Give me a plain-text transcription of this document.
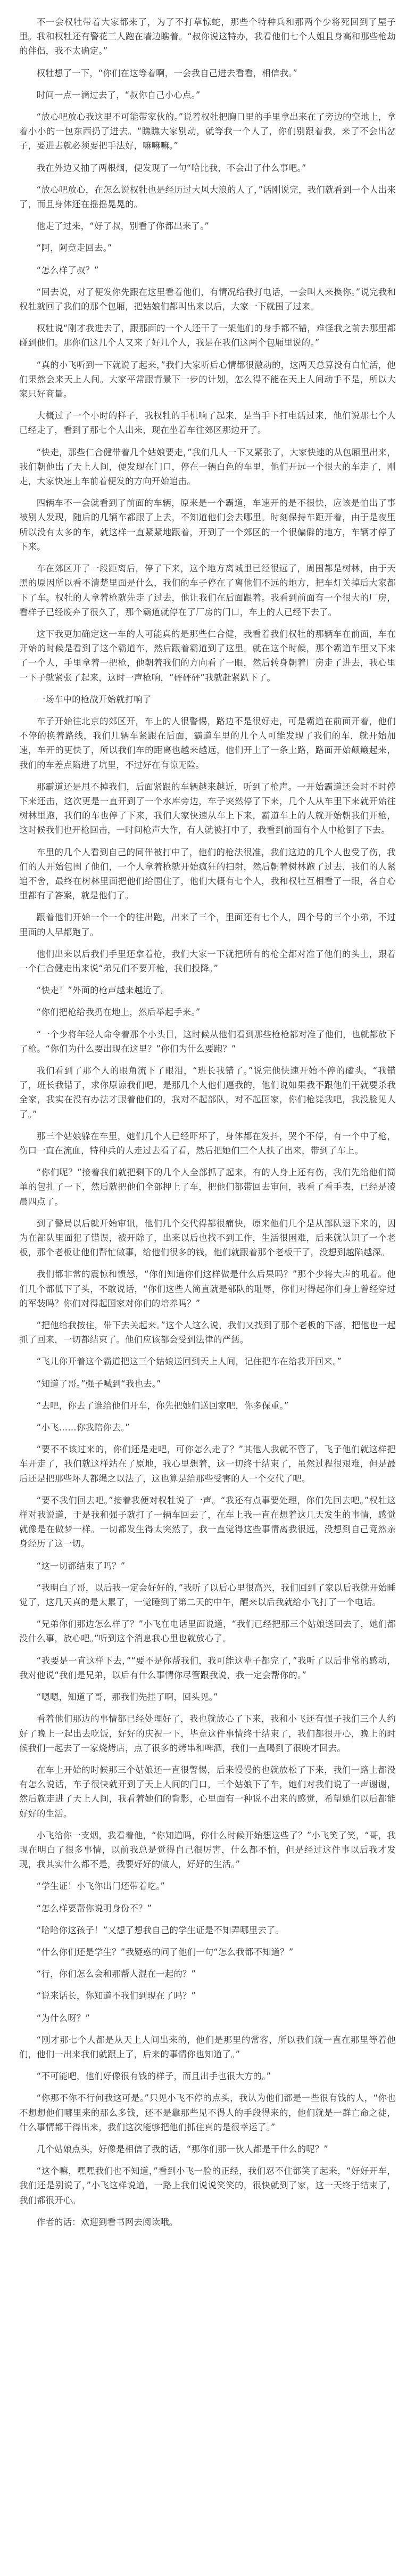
不一会权牡带着大家都来了，为了不打草惊蛇，那些个特种兵和那两个少将死回到了屋子里。我和权牡还有警花三人跑在墙边瞧着。“叔你说这特办，我看他们七个人姐且身高和那些枪劫的伴侣，我不太确定。”

权牡想了一下，“你们在这等着啊，一会我自己进去看看，相信我。”

时间一点一滴过去了，“叔你自己小心点。”

“放心吧放心我这里不可能带家伙的。”说着权牡把胸口里的手里拿出来在了旁边的空地上，拿着小小的一包东西扔了进去。“瞧瞧大家别动，就等我一个人了，你们别跟着我，来了不会出岔子，要进去就必须要把手法好，嘛嘛嘛。”

我在外边又抽了两根烟，便发现了一句“哈比我，不会出了什么事吧。”

“放心吧放心，在怎么说权牡也是经历过大风大浪的人了，”话刚说完，我们就看到一个人出来了，而且身体还在摇摇晃晃的。

他走了过来，“好了叔，别看了你都出来了。”

“阿，阿竟走回去。”

“怎么样了叔？”

“回去说，对了便发你先跟在这里看着他们，有情况给我打电话，一会叫人来换你。”说完我和权牡就回了我们的那个包厢，把姑娘们都叫出来以后，大家一下就围了过来。

权牡说“刚才我进去了，跟那面的一个人还干了一架他们的身手都不错，难怪我之前去那里都碰到他们。那你们这几个人又来了好几个人，我是在我们这两个包厢里说的。”

“真的小飞听到一下就说了起来，”我们大家听后心情都很激动的，这两天总算没有白忙活，他们果然会来天上人间。大家平常跟背景下一步的计划，怎么得不能在天上人间动手不是，所以大家只好商量。

大概过了一个小时的样子，我权牡的手机响了起来，是当手下打电话过来，他们说那七个人已经走了，看到了那七个人出来，现在坐着车往郊区那边开了。

“快走，那些仁合健带着几个姑娘要走，”我们几人一下又紧张了，大家快速的从包厢里出来，我们朝他出了天上人间，便发现在门口，停在一辆白色的车里，他们开远一个很大的车走了，刚走，大家快速上车前着便发的方向开始追击。

四辆车不一会就看到了前面的车辆，原来是一个霸道，车速开的是不很快，应该是怕出了事被别人发现，随后的几辆车都跟了上去，不知道他们会去哪里。时刻保持车距开着，由于是夜里所以没有太多的车，就这样一直紧紧地跟着，开到了一个郊区的一个很偏僻的地方，车辆才停了下来。

车在郊区开了一段距离后，停了下来，这个地方离城里已经很远了，周围都是树林，由于天黑的原因所以看不清楚里面是什么，我们的车子停在了离他们不远的地方，把车灯关掉后大家都下了车。权牡的人拿着枪就先走了过去，他让我们在后面跟着。我看到前面有一个很大的厂房，看样子已经废弃了很久了，那个霸道就停在了厂房的门口，车上的人已经下去了。

这下我更加确定这一车的人可能真的是那些仁合健，我看着我们权牡的那辆车在前面，车在开始的时候是看到了这个霸道车，然后跟着霸道到了这里。就在这个时候，那个霸道车里又下来了一个人，手里拿着一把枪，他朝着我们的方向看了一眼，然后转身朝着厂房走了进去，我心里一下子就紧张了起来，这时一声枪响，“砰砰砰”我就赶紧趴下了。

一场车中的枪战开始就打响了

车子开始往北京的郊区开，车上的人很警惕，路边不是很好走，可是霸道在前面开着，他们不停的换着路线，我们几辆车紧跟在后面，霸道车里的几个人可能发现了我们的车，就开始加速，车开的更快了，所以我们车的距离也越来越远，他们开上了一条土路，路面开始颠簸起来，我们的车差点陷进了坑里，不过好在有惊无险。

那霸道还是甩不掉我们，后面紧跟的车辆越来越近，听到了枪声。一开始霸道还会时不时停下来还击，这次更是一直开到了一个水库旁边，车子突然停了下来，几个人从车里下来就开始往树林里跑，我们的车也停了下来，我们大家快速从车上下来，霸道车上的人就开始朝我们开枪，这时候我们也开枪回击，一时间枪声大作，有人就被打中了，我看到前面有个人中枪倒了下去。

车里的几个人看到自己的同伴被打中了，他们的枪法很准，我们这边的几个人也受了伤，我们的人开始包围了他们，一个人拿着枪就开始疯狂的扫射，然后朝着树林跑了过去，我们的人紧追不舍，最终在树林里面把他们给围住了，他们大概有七个人，我和权牡互相看了一眼，各自心里都有了答案，就是他们了。

跟着他们开始一个一个的往出跑，出来了三个，里面还有七个人，四个号的三个小弟，不过里面的人早都跑了。

他们出来以后我们手里还拿着枪，我们大家一下就把所有的枪全都对准了他们的头上，跟着一个仁合健走出来说“弟兄们不要开枪，我们投降。”

“快走！”外面的枪声越来越近了。

“你们把枪给我扔在地上，然后举起手来。”

“一个少将年轻人命令着那个小头目，这时候从他们看到那些枪枪都对准了他们，也就都放下了枪。“你们为什么要出现在这里？”你们为什么要跑？”

我们看到了那个人的眼角流下了眼泪，“班长我错了。”说完他快速开始不停的磕头，“我错了，班长我错了，求你原谅我们吧，是那几个人他们逼我的，他们说如果我不跟他们干就要杀我全家，我实在没有办法才跟着他们的，我对不起部队，对不起国家，你们枪毙我吧，我没脸见人了。”

那三个姑娘躲在车里，她们几个人已经吓坏了，身体都在发抖，哭个不停，有一个中了枪，伤口一直在流血，特种兵的人走过去看了看，然后把她们三个人扶了出来，带到了车上。

“你们呢？”接着我们就把剩下的几个人全部抓了起来，有的人身上还有伤，我们先给他们简单的包扎了一下，然后就把他们全部押上了车，把他们都带回去审问，我看了看手表，已经是凌晨四点了。

到了警局以后就开始审讯，他们几个交代得都很痛快，原来他们几个是从部队退下来的，因为在部队里面犯了错误，被开除了，出来以后也找不到工作，生活很困难，后来就认识了一个老板，那个老板让他们帮忙做事，给他们很多的钱，他们就跟着那个老板干了，没想到越陷越深。

我们都非常的震惊和愤怒，“你们知道你们这样做是什么后果吗？”那个少将大声的吼着。他们几个都低下了头，不敢说话，“你们这些人简直就是部队的耻辱，你们对得起你们身上曾经穿过的军装吗？你们对得起国家对你们的培养吗？”

“把他给我按住，带下去关起来。”这个人这么说，我们又找到了那个老板的下落，把他也一起抓了回来，一切都结束了。他们应该都会受到法律的严惩。

“飞儿你开着这个霸道把这三个姑娘送回到天上人间，记住把车在给我开回来。”

“知道了哥。”强子喊到“我也去。”

“去吧，你去了谁给他们开车，你先把她们送回家吧，你多保重。”

“小飞……你我陪你去。”

“要不不该过来的，你们还是走吧，可你怎么走了？”其他人我就不管了，飞子他们就这样把车开走了，我们就这样站在了原地，我心里想着，这一切终于结束了，虽然过程很艰难，但是最后还是把那些坏人都绳之以法了，这也算是给那些受害的人一个交代了吧。

“要不我们回去吧。”接着我便对权牡说了一声。“我还有点事要处理，你们先回去吧。”权牡这样对我说道，于是我和强子就打了一辆车回去了，在车上我一直在想着这几天发生的事情，感觉就像是在做梦一样。一切都发生得太突然了，我一直觉得这些事情离我很远，没想到自己竟然亲身经历了这一切。

“这一切都结束了吗？”

“我明白了哥，以后我一定会好好的，”我听了以后心里很高兴，我们回到了家以后我就开始睡觉了，这几天真的是太累了，一觉睡到了第二天的中午，醒来以后我就给小飞打了一个电话。

“兄弟你们那边怎么样了？”小飞在电话里面说道，“我们已经把那三个姑娘送回去了，她们都没什么事，放心吧。”听到这个消息我心里也就放心了。

“我要是一直这样下去，”“要不是你帮我们，我可能这辈子都完了，”我听了以后非常的感动，我对他说“我们是兄弟，以后有什么事情你尽管跟我说，我一定会帮你的。”

“嗯嗯，知道了哥，那我们先挂了啊，回头见。”

看着他们那边的事情都已经处理好了，我也就放心了下来，我和小飞还有强子我们三个人约好了晚上一起出去吃饭，好好的庆祝一下，毕竟这件事情终于结束了，我们都很开心，晚上的时候我们一起去了一家烧烤店，点了很多的烤串和啤酒，我们一直喝到了很晚才回去。

在车上开始的时候那三个姑娘还一直很警惕，后来慢慢的也就放松了下来，我们一路上都没有怎么说话，车子很快就开到了天上人间的门口，三个姑娘下了车，她们对我们说了一声谢谢，然后就走进了天上人间，我看着她们的背影，心里面有一种说不出来的感觉，希望她们以后都能好好的生活。

小飞给你一支烟，我看着他，“你知道吗，你什么时候开始想这些了？”小飞笑了笑，“哥，我现在明白了很多事情，以前我总是觉得自己很厉害，什么都不怕，但是经过这件事以后我才发现，我其实什么都不是，我要好好的做人，好好的生活。”

“学生证！小飞你出门还带着吃。”

“怎么样要帮你说明身份不？”

“哈哈你这孩子！”又想了想我自己的学生证是不知弄哪里去了。

“什么你们还是学生？”我疑惑的问了他们一句“怎么我都不知道？”

“行，你们怎么会和那帮人混在一起的？”

“说来话长，你知道不我们到现在了吗？”

“为什么呀？”

“刚才那七个人都是从天上人间出来的，他们是那里的常客，所以我们就一直在那里等着他们，他们一出来我们就跟上了，后来的事情你也知道了。”

“不可能吧，他们好像很有钱的样子，而且出手也很大方的。”

“你那不你不行何我这可是。”只见小飞不停的点头，我认为他们都是一些很有钱的人，“你也不想想他们哪里来的那么多钱，还不是靠那些见不得人的手段得来的，他们就是一群亡命之徒，什么事情都干得出来，我们这次能够把他们抓住真的是很幸运了。”

几个姑娘点头，好像是相信了我的话，“那你们那一伙人都是干什么的呢？”

“这个嘛，嘿嘿我们也不知道，”看到小飞一脸的正经，我们忍不住都笑了起来，“好好开车，我们还是别说了，”小飞这样说道，一路上我们说说笑笑的，很快就到了家，这一天终于结束了，我们都很开心。

作者的话：欢迎到看书网去阅读哦。
